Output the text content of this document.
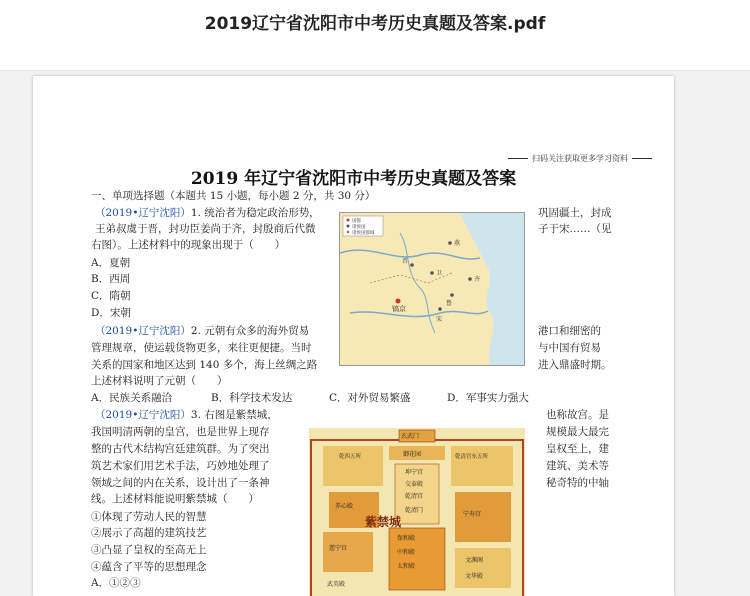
2019辽宁省沈阳市中考历史真题及答案.pdf
扫码关注获取更多学习资料
2019 年辽宁省沈阳市中考历史真题及答案
一、单项选择题（本题共 15 小题，每小题 2 分，共 30 分）
（2019•辽宁沈阳）1. 统治者为稳定政治形势，	巩固疆土，封成
王弟叔虞于晋，封功臣姜尚于齐，封殷商后代微	子于宋……（见
右图）。上述材料中的现象出现于（　　）
A．夏朝
B．西周
C．隋朝
D．宋朝
国都
诸侯国
诸侯国都城
镐京
鲁
燕
卫
晋
齐
宋
（2019•辽宁沈阳）2. 元朝有众多的海外贸易	港口和细密的
管理规章，使运载货物更多，来往更便捷。当时	与中国有贸易
关系的国家和地区达到 140 多个，海上丝绸之路	进入鼎盛时期。
上述材料说明了元朝（　　）
A．民族关系融洽	B．科学技术发达	C．对外贸易繁盛	D．军事实力强大
（2019•辽宁沈阳）3. 右图是紫禁城，	也称故宫。是
我国明清两朝的皇宫，也是世界上现存	规模最大最完
整的古代木结构宫廷建筑群。为了突出	皇权至上，建
筑艺术家们用艺术手法，巧妙地处理了	建筑、美术等
领域之间的内在关系，设计出了一条神	秘奇特的中轴
线。上述材料能说明紫禁城（　　）
①体现了劳动人民的智慧
②展示了高超的建筑技艺
③凸显了皇权的至高无上
④蕴含了平等的思想理念
A．①②③
玄武门
御花园
乾西五所	乾清宫东五所
坤宁宫
交泰殿
乾清宫
乾清门
养心殿
宁寿宫
慈宁宫
保和殿
中和殿
太和殿
紫禁城
文渊阁
文华殿
武英殿
